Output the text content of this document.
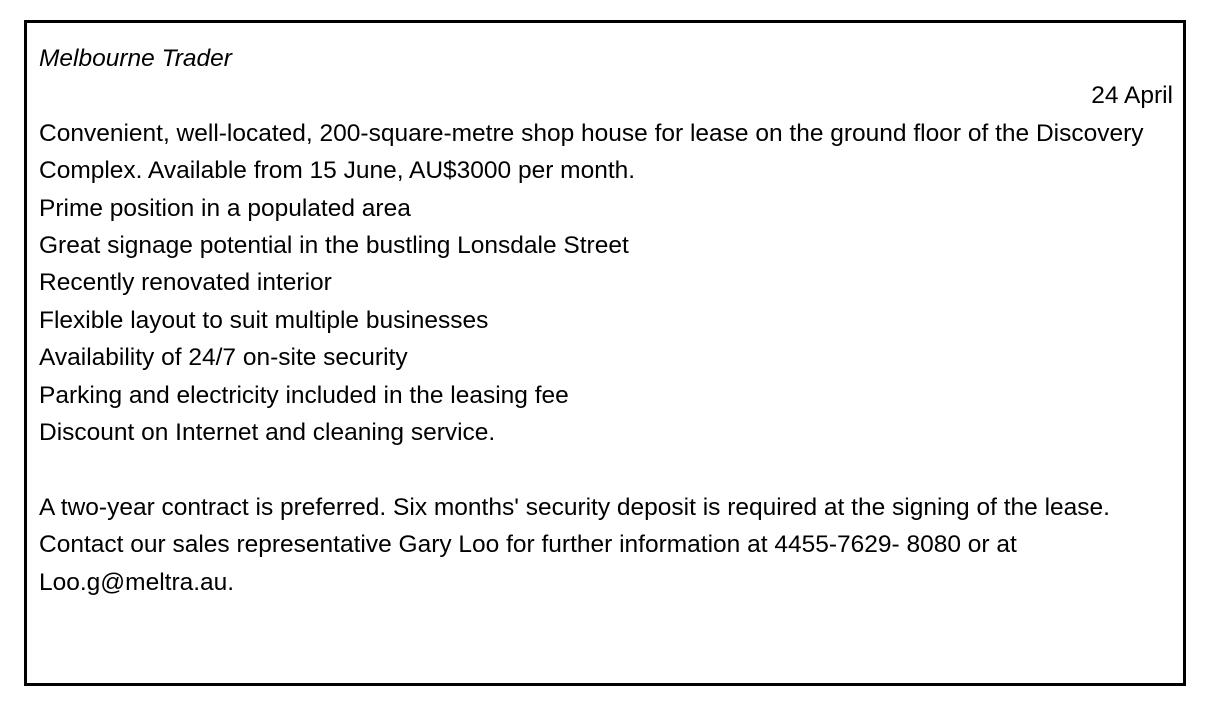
Melbourne Trader
24 April
Convenient, well-located, 200-square-metre shop house for lease on the ground floor of the Discovery Complex. Available from 15 June, AU$3000 per month.
Prime position in a populated area
Great signage potential in the bustling Lonsdale Street
Recently renovated interior
Flexible layout to suit multiple businesses
Availability of 24/7 on-site security
Parking and electricity included in the leasing fee
Discount on Internet and cleaning service.
A two-year contract is preferred. Six months' security deposit is required at the signing of the lease.
Contact our sales representative Gary Loo for further information at 4455-7629- 8080 or at Loo.g@meltra.au.
